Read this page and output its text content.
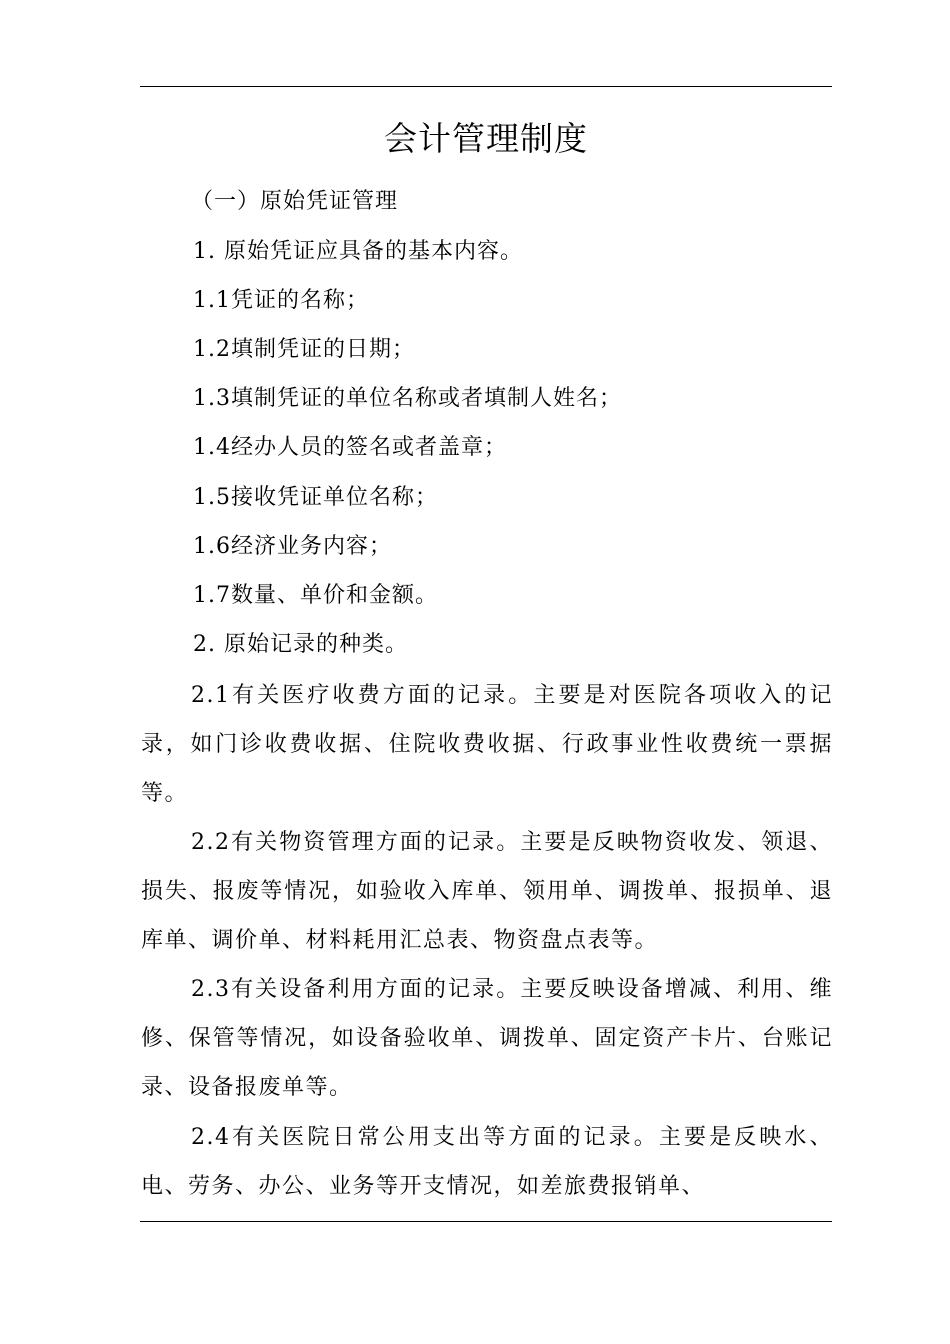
会计管理制度
（一）原始凭证管理
1. 原始凭证应具备的基本内容。
1.1凭证的名称；
1.2填制凭证的日期；
1.3填制凭证的单位名称或者填制人姓名；
1.4经办人员的签名或者盖章；
1.5接收凭证单位名称；
1.6经济业务内容；
1.7数量、单价和金额。
2. 原始记录的种类。
2.1有关医疗收费方面的记录。主要是对医院各项收入的记录，如门诊收费收据、住院收费收据、行政事业性收费统一票据等。
2.2有关物资管理方面的记录。主要是反映物资收发、领退、损失、报废等情况，如验收入库单、领用单、调拨单、报损单、退库单、调价单、材料耗用汇总表、物资盘点表等。
2.3有关设备利用方面的记录。主要反映设备增减、利用、维修、保管等情况，如设备验收单、调拨单、固定资产卡片、台账记录、设备报废单等。
2.4有关医院日常公用支出等方面的记录。主要是反映水、电、劳务、办公、业务等开支情况，如差旅费报销单、
